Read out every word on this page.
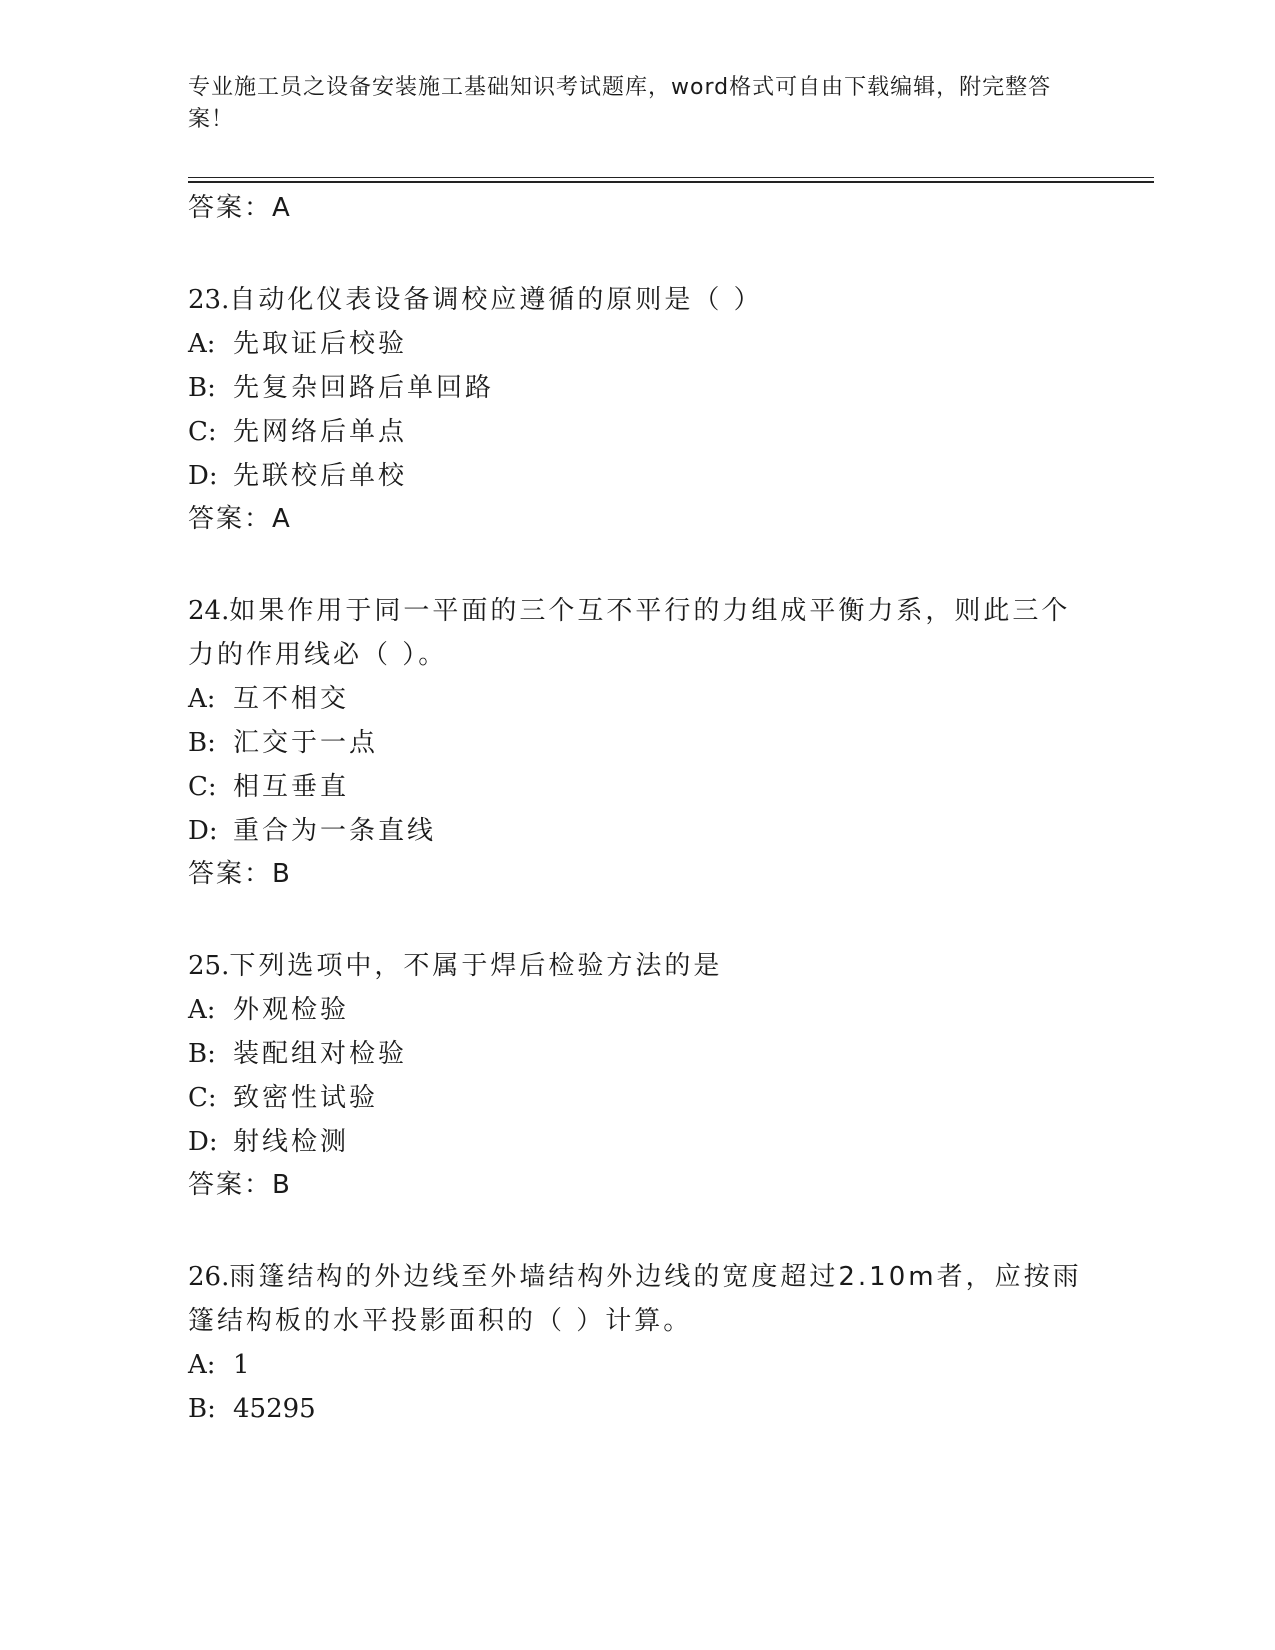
专业施工员之设备安装施工基础知识考试题库，word格式可自由下载编辑，附完整答案！

答案：A
23.自动化仪表设备调校应遵循的原则是（ ）
A: 先取证后校验
B: 先复杂回路后单回路
C: 先网络后单点
D: 先联校后单校
答案：A
24.如果作用于同一平面的三个互不平行的力组成平衡力系，则此三个
力的作用线必（ ）。
A: 互不相交
B: 汇交于一点
C: 相互垂直
D: 重合为一条直线
答案：B
25.下列选项中，不属于焊后检验方法的是
A: 外观检验
B: 装配组对检验
C: 致密性试验
D: 射线检测
答案：B
26.雨篷结构的外边线至外墙结构外边线的宽度超过2.10m者，应按雨
篷结构板的水平投影面积的（ ）计算。
A: 1
B: 45295
